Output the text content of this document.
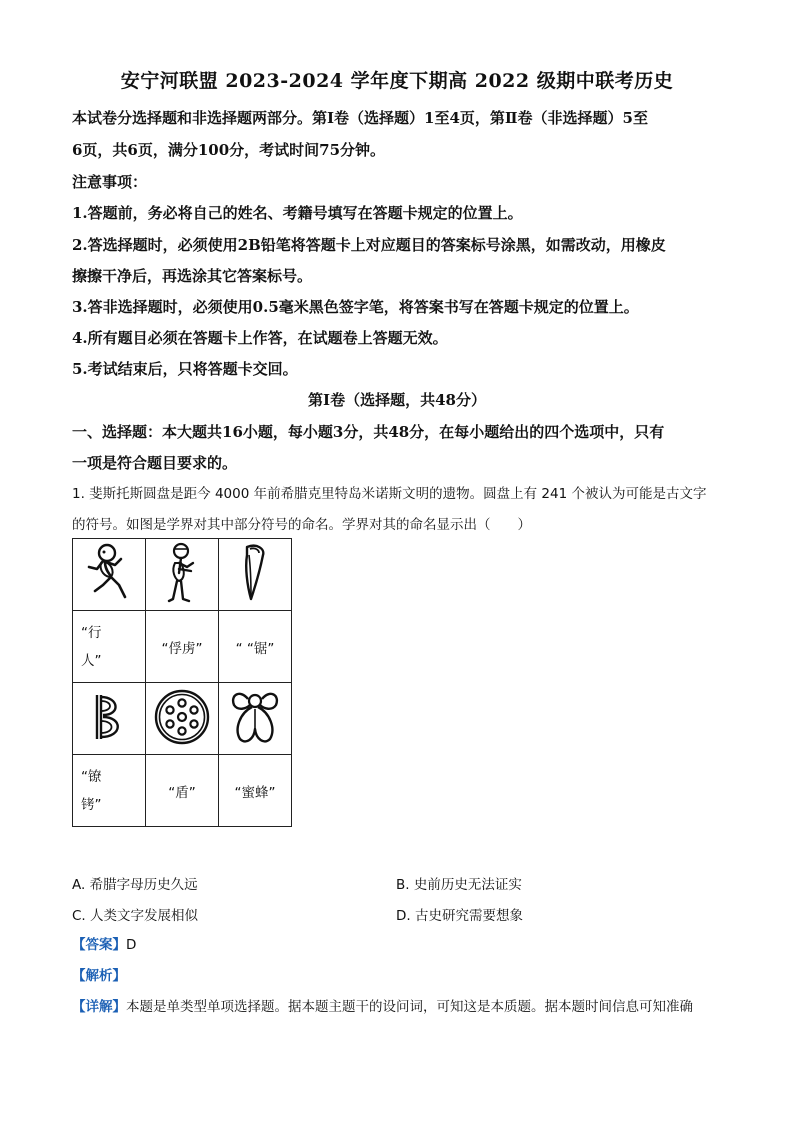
安宁河联盟 2023-2024 学年度下期高 2022 级期中联考历史
本试卷分选择题和非选择题两部分。第Ⅰ卷（选择题）1至4页，第Ⅱ卷（非选择题）5至
6页，共6页，满分100分，考试时间75分钟。
注意事项：
1.答题前，务必将自己的姓名、考籍号填写在答题卡规定的位置上。
2.答选择题时，必须使用2B铅笔将答题卡上对应题目的答案标号涂黑，如需改动，用橡皮
擦擦干净后，再选涂其它答案标号。
3.答非选择题时，必须使用0.5毫米黑色签字笔，将答案书写在答题卡规定的位置上。
4.所有题目必须在答题卡上作答，在试题卷上答题无效。
5.考试结束后，只将答题卡交回。
第Ⅰ卷（选择题，共48分）
一、选择题：本大题共16小题，每小题3分，共48分，在每小题给出的四个选项中，只有
一项是符合题目要求的。
1. 斐斯托斯圆盘是距今 4000 年前希腊克里特岛米诺斯文明的遗物。圆盘上有 241 个被认为可能是古文字
的符号。如图是学界对其中部分符号的命名。学界对其的命名显示出（　　）

“行
人”	“俘虏”	“ “锯”

“镣
铐”	“盾”	“蜜蜂”
A. 希腊字母历史久远	B. 史前历史无法证实
C. 人类文字发展相似	D. 古史研究需要想象
【答案】D
【解析】
【详解】本题是单类型单项选择题。据本题主题干的设问词，可知这是本质题。据本题时间信息可知准确
